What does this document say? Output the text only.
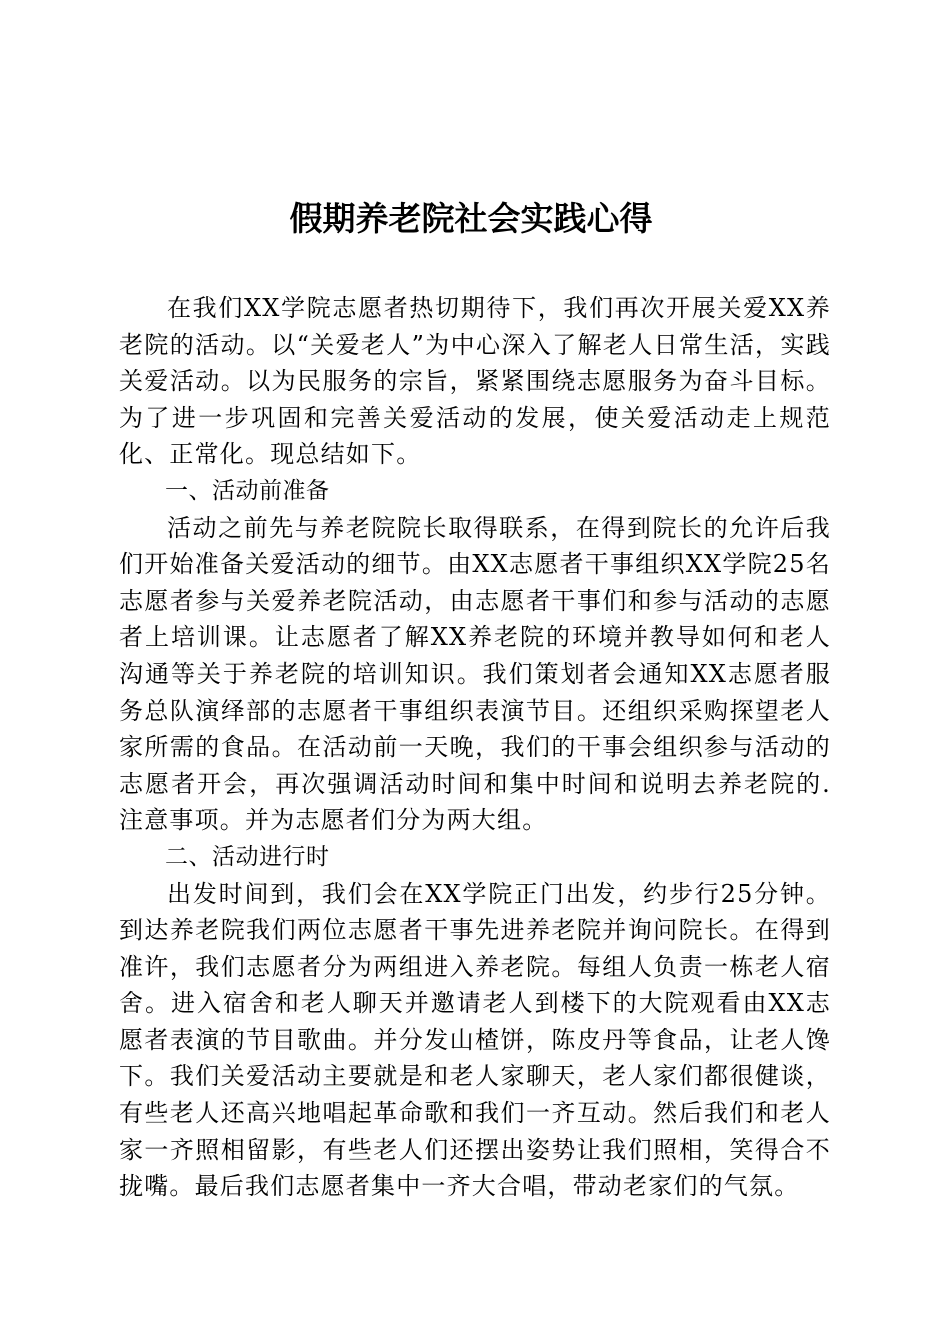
假期养老院社会实践心得

在我们XX学院志愿者热切期待下，我们再次开展关爱XX养老院的活动。以“关爱老人”为中心深入了解老人日常生活，实践关爱活动。以为民服务的宗旨，紧紧围绕志愿服务为奋斗目标。为了进一步巩固和完善关爱活动的发展，使关爱活动走上规范化、正常化。现总结如下。

一、活动前准备

活动之前先与养老院院长取得联系，在得到院长的允许后我们开始准备关爱活动的细节。由XX志愿者干事组织XX学院25名志愿者参与关爱养老院活动，由志愿者干事们和参与活动的志愿者上培训课。让志愿者了解XX养老院的环境并教导如何和老人沟通等关于养老院的培训知识。我们策划者会通知XX志愿者服务总队演绎部的志愿者干事组织表演节目。还组织采购探望老人家所需的食品。在活动前一天晚，我们的干事会组织参与活动的志愿者开会，再次强调活动时间和集中时间和说明去养老院的.注意事项。并为志愿者们分为两大组。

二、活动进行时

出发时间到，我们会在XX学院正门出发，约步行25分钟。到达养老院我们两位志愿者干事先进养老院并询问院长。在得到准许，我们志愿者分为两组进入养老院。每组人负责一栋老人宿舍。进入宿舍和老人聊天并邀请老人到楼下的大院观看由XX志愿者表演的节目歌曲。并分发山楂饼，陈皮丹等食品，让老人馋下。我们关爱活动主要就是和老人家聊天，老人家们都很健谈，有些老人还高兴地唱起革命歌和我们一齐互动。然后我们和老人家一齐照相留影，有些老人们还摆出姿势让我们照相，笑得合不拢嘴。最后我们志愿者集中一齐大合唱，带动老家们的气氛。
